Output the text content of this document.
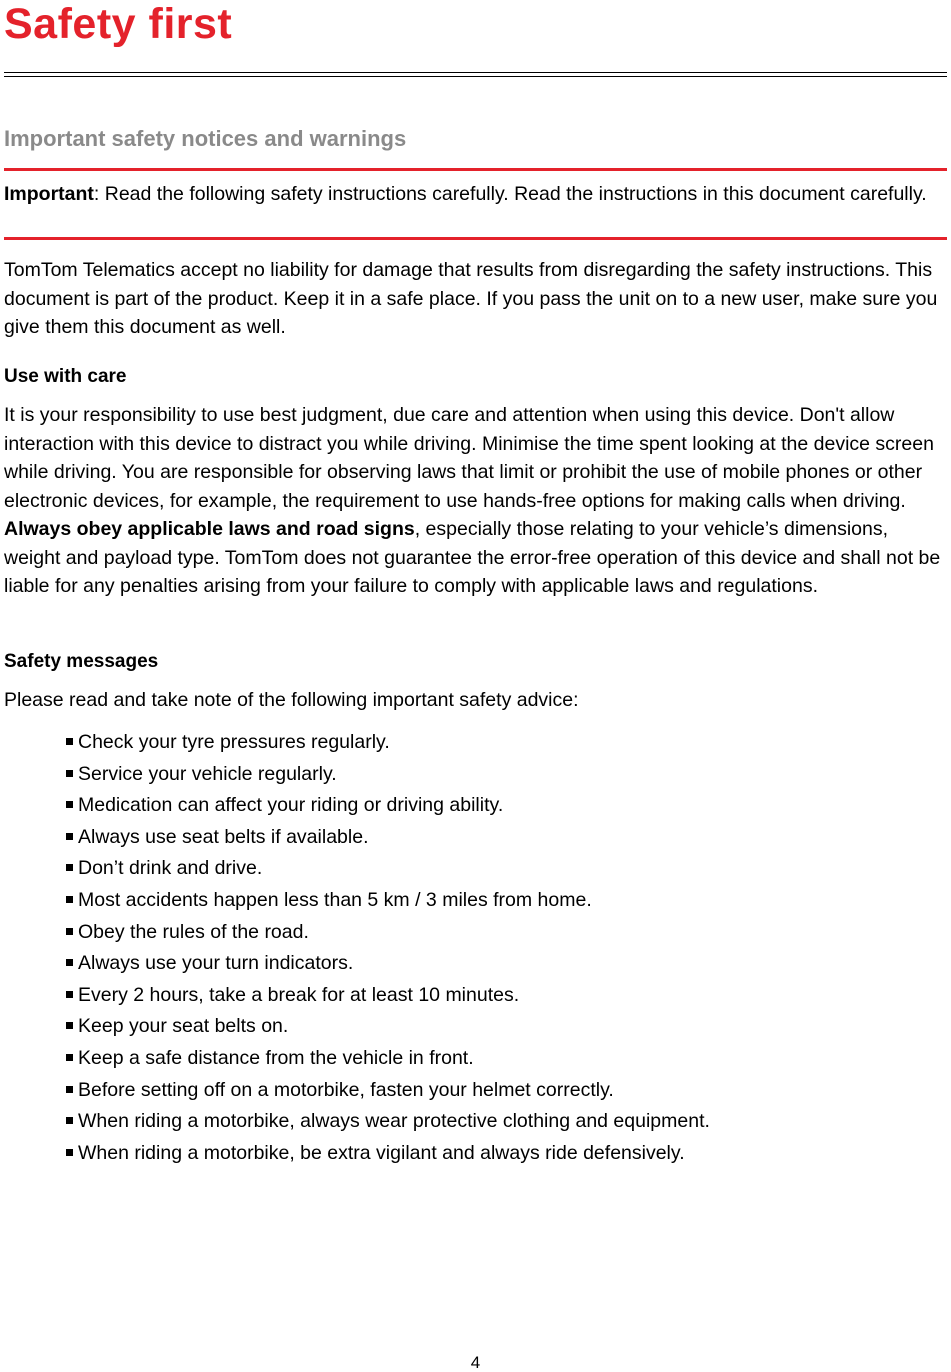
Safety first
Important safety notices and warnings

Important: Read the following safety instructions carefully. Read the instructions in this document carefully.

TomTom Telematics accept no liability for damage that results from disregarding the safety instructions. This document is part of the product. Keep it in a safe place. If you pass the unit on to a new user, make sure you give them this document as well.

Use with care

It is your responsibility to use best judgment, due care and attention when using this device. Don't allow interaction with this device to distract you while driving. Minimise the time spent looking at the device screen while driving. You are responsible for observing laws that limit or prohibit the use of mobile phones or other electronic devices, for example, the requirement to use hands-free options for making calls when driving. Always obey applicable laws and road signs, especially those relating to your vehicle’s dimensions, weight and payload type. TomTom does not guarantee the error-free operation of this device and shall not be liable for any penalties arising from your failure to comply with applicable laws and regulations.

Safety messages

Please read and take note of the following important safety advice:

Check your tyre pressures regularly.
Service your vehicle regularly.
Medication can affect your riding or driving ability.
Always use seat belts if available.
Don’t drink and drive.
Most accidents happen less than 5 km / 3 miles from home.
Obey the rules of the road.
Always use your turn indicators.
Every 2 hours, take a break for at least 10 minutes.
Keep your seat belts on.
Keep a safe distance from the vehicle in front.
Before setting off on a motorbike, fasten your helmet correctly.
When riding a motorbike, always wear protective clothing and equipment.
When riding a motorbike, be extra vigilant and always ride defensively.
4
